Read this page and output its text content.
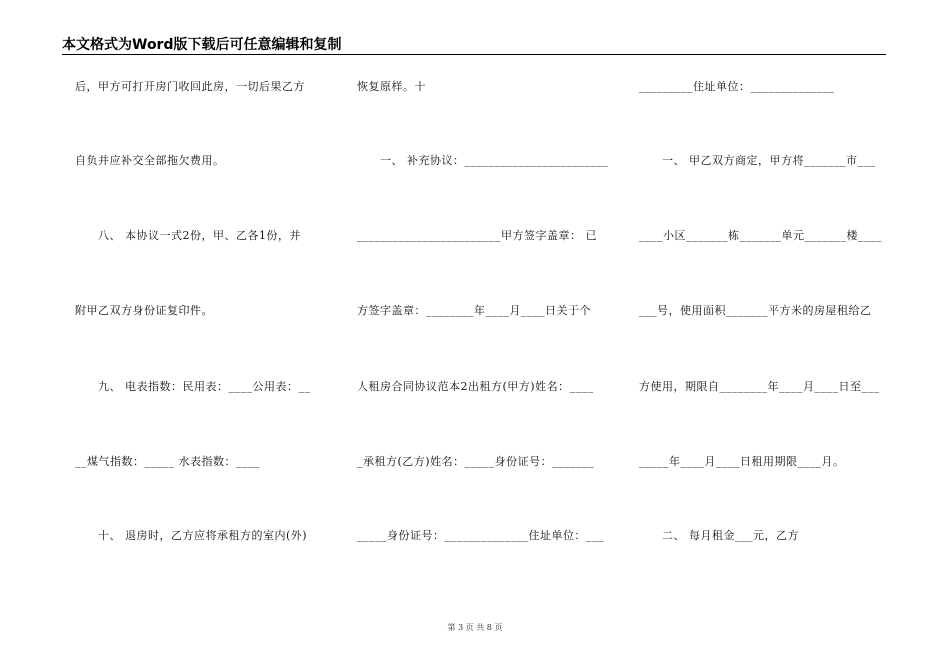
本文格式为Word版下载后可任意编辑和复制
后，甲方可打开房门收回此房，一切后果乙方
自负并应补交全部拖欠费用。
　　八、 本协议一式2份，甲、乙各1份，并
附甲乙双方身份证复印件。
　　九、 电表指数：民用表：____公用表：__
__煤气指数：_____ 水表指数：____
　　十、 退房时，乙方应将承租方的室内(外)
恢复原样。十
　　一、 补充协议：________________________
________________________甲方签字盖章： 已
方签字盖章：________年____月____日关于个
人租房合同协议范本2出租方(甲方)姓名：____
_承租方(乙方)姓名：_____身份证号：_______
_____身份证号：______________住址单位：___
_________住址单位：______________
　　一、 甲乙双方商定，甲方将_______市___
____小区_______栋_______单元_______楼____
___号，使用面积_______平方米的房屋租给乙
方使用，期限自________年____月____日至___
_____年____月____日租用期限____月。
　　二、 每月租金___元，乙方
第 3 页 共 8 页
